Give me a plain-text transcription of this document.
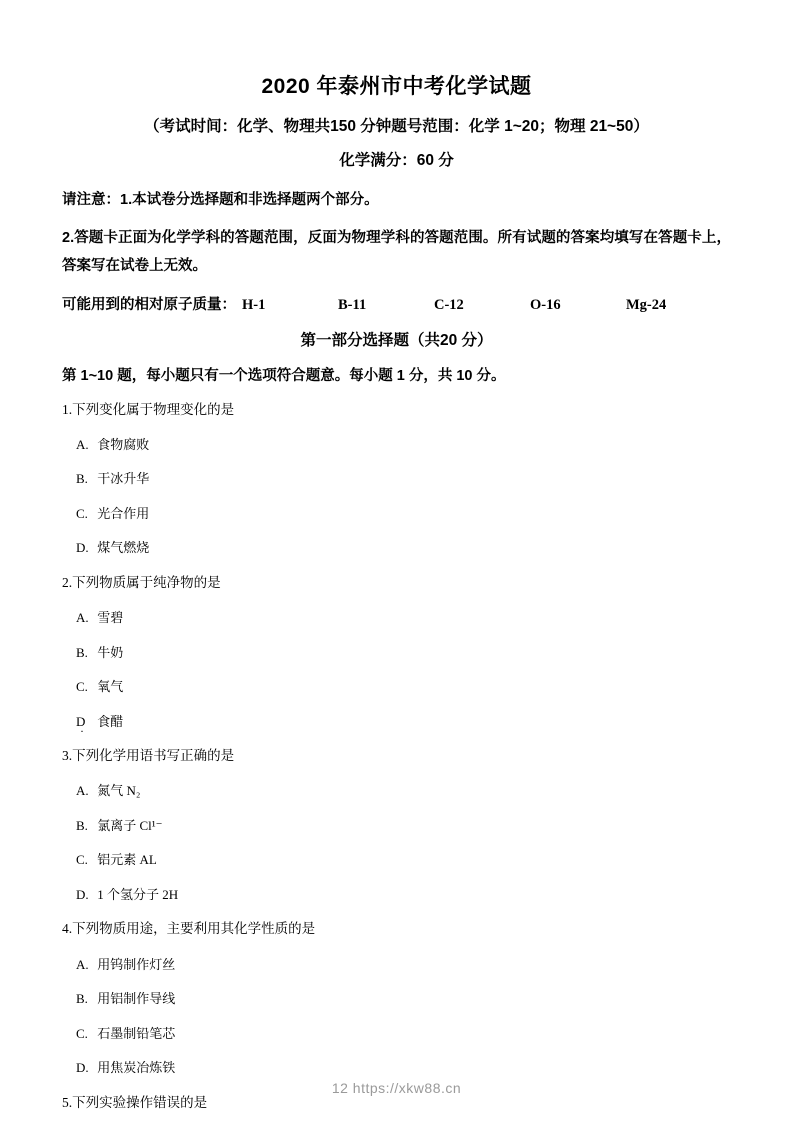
2020 年泰州市中考化学试题
（考试时间：化学、物理共150 分钟题号范围：化学 1~20；物理 21~50）
化学满分：60 分
请注意：1.本试卷分选择题和非选择题两个部分。
2.答题卡正面为化学学科的答题范围，反面为物理学科的答题范围。所有试题的答案均填写在答题卡上，答案写在试卷上无效。
可能用到的相对原子质量： H-1	B-11	C-12	O-16	Mg-24
第一部分选择题（共20 分）
第 1~10 题，每小题只有一个选项符合题意。每小题 1 分，共 10 分。
1.下列变化属于物理变化的是
A. 食物腐败
B. 干冰升华
C. 光合作用
D. 煤气燃烧
2.下列物质属于纯净物的是
A. 雪碧
B. 牛奶
C. 氧气
D · 食醋
3.下列化学用语书写正确的是
A. 氮气 N₂
B. 氯离子 Cl¹⁻
C. 铝元素 AL
D. 1 个氢分子 2H
4.下列物质用途，主要利用其化学性质的是
A. 用钨制作灯丝
B. 用铝制作导线
C. 石墨制铅笔芯
D. 用焦炭冶炼铁
5.下列实验操作错误的是
12 https://xkw88.cn
